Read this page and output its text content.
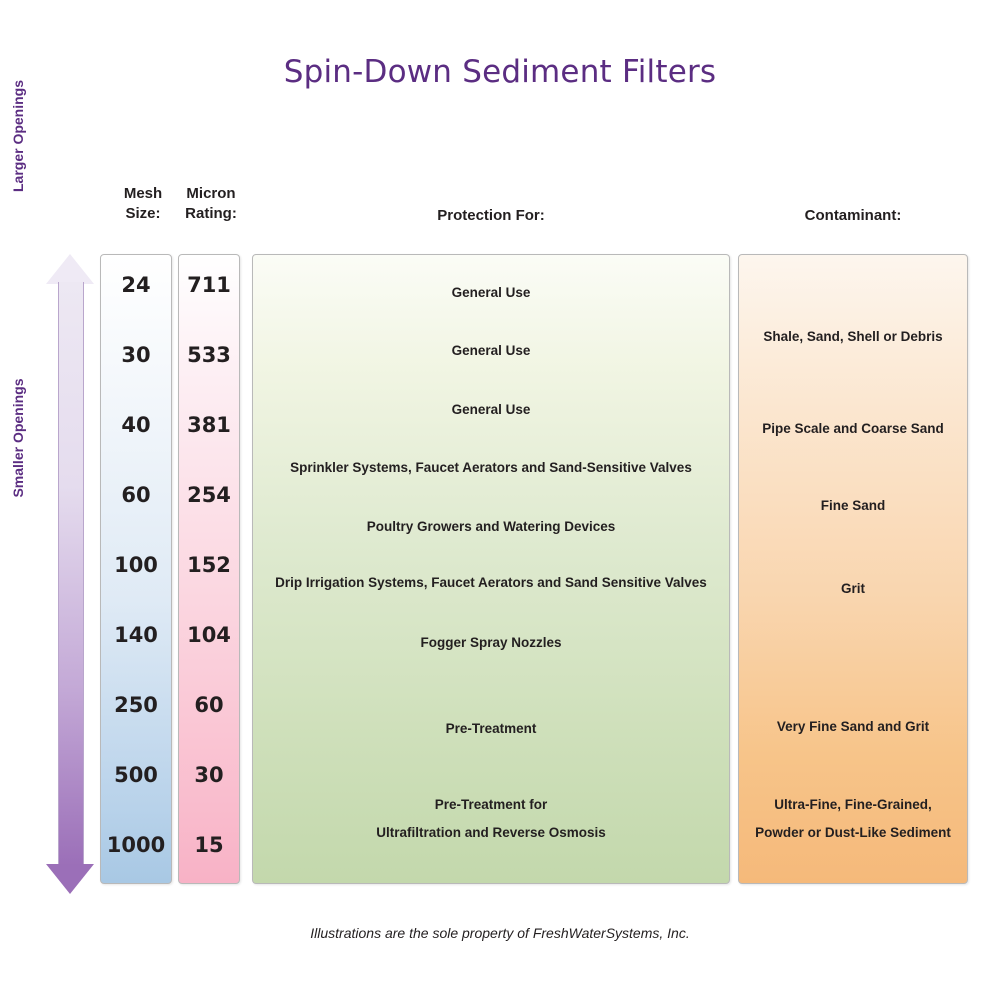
Spin-Down Sediment Filters
Mesh
Size:
Micron
Rating:	Protection For:	Contaminant:
Larger Openings
Smaller Openings
24
30
40
60
100
140
250
500
1000
711
533
381
254
152
104
60
30
15
General Use
General Use
General Use
Sprinkler Systems, Faucet Aerators and Sand-Sensitive Valves
Poultry Growers and Watering Devices
Drip Irrigation Systems, Faucet Aerators and Sand Sensitive Valves
Fogger Spray Nozzles
Pre-Treatment
Pre-Treatment for
Ultrafiltration and Reverse Osmosis
Shale, Sand, Shell or Debris
Pipe Scale and Coarse Sand
Fine Sand
Grit
Very Fine Sand and Grit
Ultra-Fine, Fine-Grained,
Powder or Dust-Like Sediment
Illustrations are the sole property of FreshWaterSystems, Inc.
